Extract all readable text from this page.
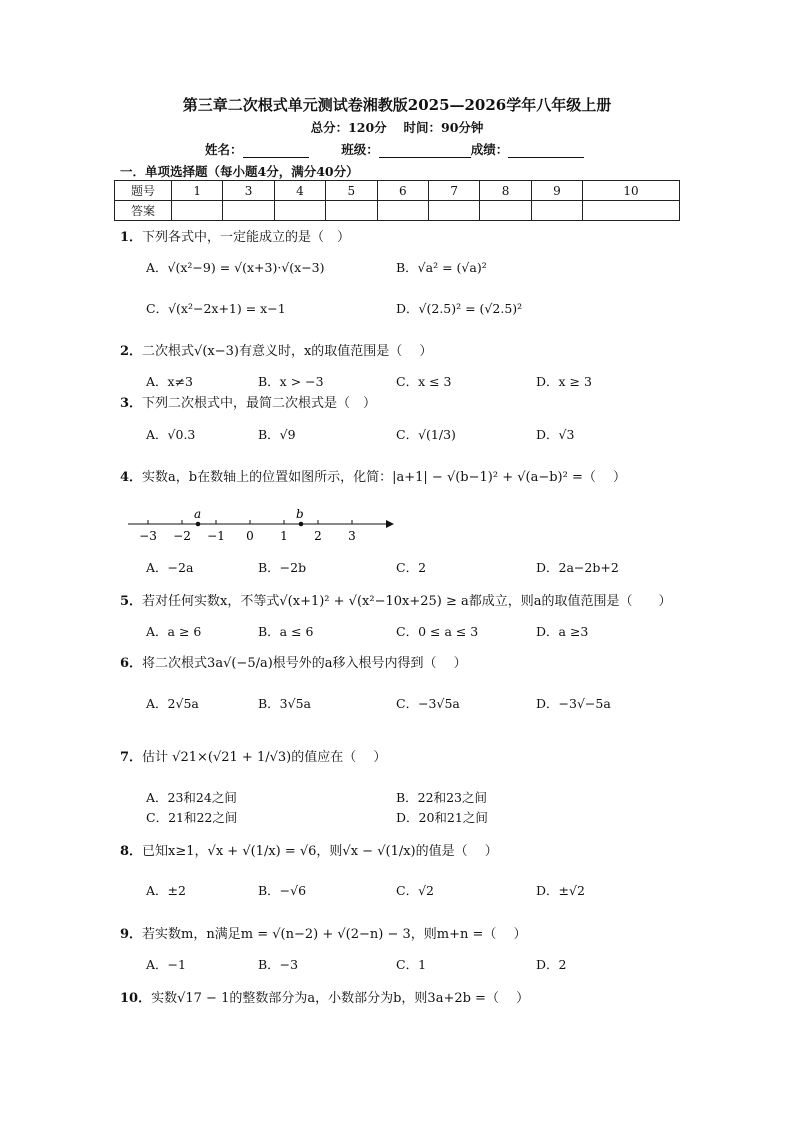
第三章二次根式单元测试卷湘教版2025—2026学年八年级上册
总分：120分　 时间：90分钟
姓名：	班级：	成绩：
一．单项选择题（每小题4分，满分40分）
题号	1	3	4	5	6	7	8	9	10
答案									
1．下列各式中，一定能成立的是（　）
A．√(x²−9) = √(x+3)·√(x−3)	B．√a² = (√a)²
C．√(x²−2x+1) = x−1	D．√(2.5)² = (√2.5)²
2．二次根式√(x−3)有意义时，x的取值范围是（　 ）
A．x≠3	B．x > −3	C．x ≤ 3	D．x ≥ 3
3．下列二次根式中，最简二次根式是（　）
A．√0.3	B．√9	C．√(1/3)	D．√3
4．实数a，b在数轴上的位置如图所示，化简：|a+1| − √(b−1)² + √(a−b)² =（　 ）
−3 −2 −1 0 1 2 3
a	b
A．−2a	B．−2b	C．2	D．2a−2b+2
5．若对任何实数x，不等式√(x+1)² + √(x²−10x+25) ≥ a都成立，则a的取值范围是（　　）
A．a ≥ 6	B．a ≤ 6	C．0 ≤ a ≤ 3	D．a ≥3
6．将二次根式3a√(−5/a)根号外的a移入根号内得到（　 ）
A．2√5a	B．3√5a	C．−3√5a	D．−3√−5a
7．估计 √21×(√21 + 1/√3)的值应在（　 ）
A．23和24之间	B．22和23之间
C．21和22之间	D．20和21之间
8．已知x≥1，√x + √(1/x) = √6，则√x − √(1/x)的值是（　 ）
A．±2	B．−√6	C．√2	D．±√2
9．若实数m，n满足m = √(n−2) + √(2−n) − 3，则m+n =（　 ）
A．−1	B．−3	C．1	D．2
10．实数√17 − 1的整数部分为a，小数部分为b，则3a+2b =（　 ）
